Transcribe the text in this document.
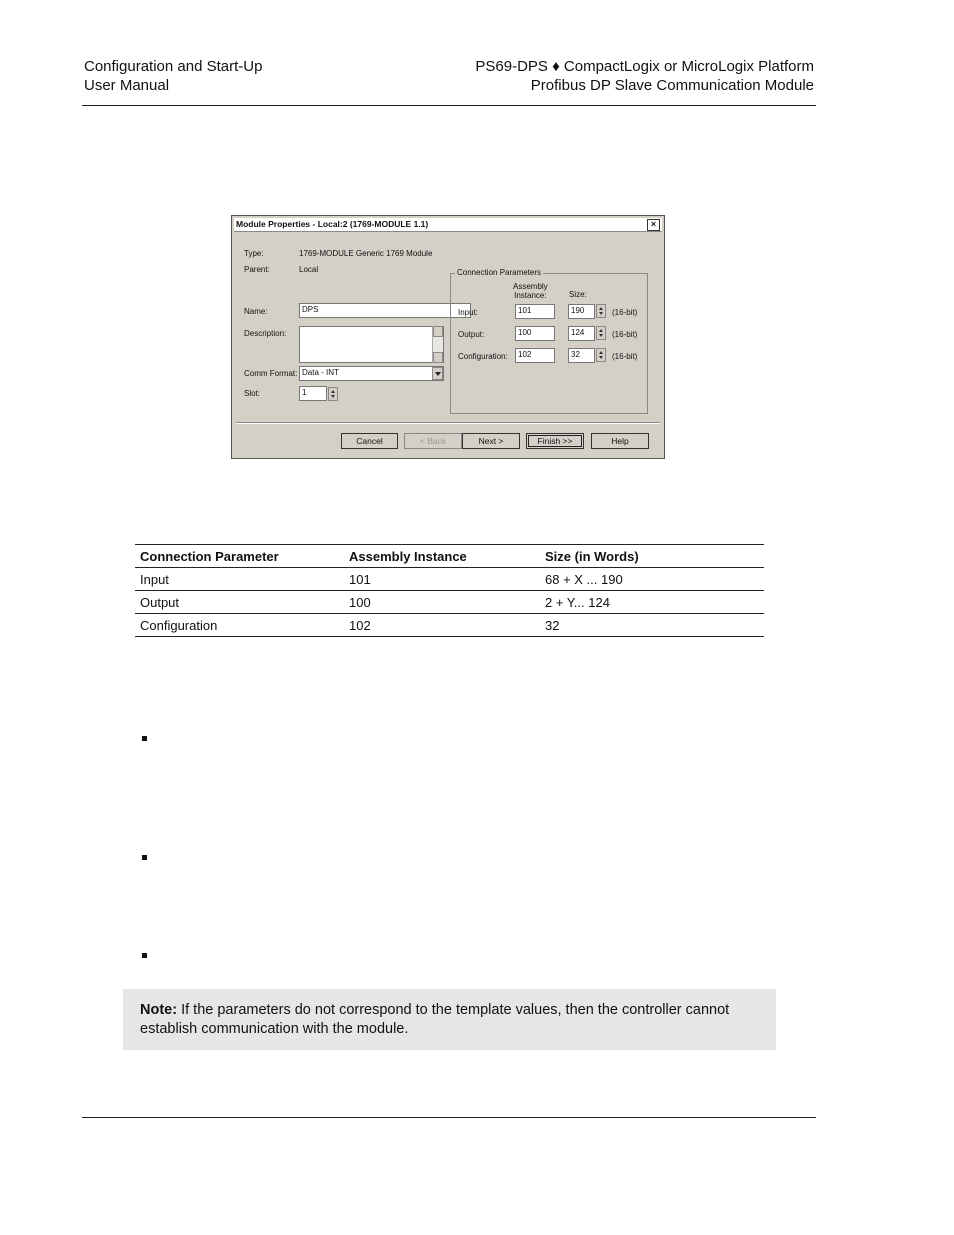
Configuration and Start-Up
User Manual
PS69-DPS ♦ CompactLogix or MicroLogix Platform
Profibus DP Slave Communication Module
Module Properties - Local:2 (1769-MODULE 1.1)	×
Type:	1769-MODULE Generic 1769 Module
Parent:	Local
Name:	DPS
Description:
Comm Format: Data - INT
Slot:	1
Connection Parameters
Assembly
Instance:	Size:
Input:	101	190	(16-bit)
Output:	100	124	(16-bit)
Configuration:	102	32	(16-bit)
Cancel	< Back	Next >	Finish >>	Help
Connection Parameter	Assembly Instance	Size (in Words)
Input	101	68 + X ... 190
Output	100	2 + Y... 124
Configuration	102	32
Note: If the parameters do not correspond to the template values, then the controller cannot establish communication with the module.
